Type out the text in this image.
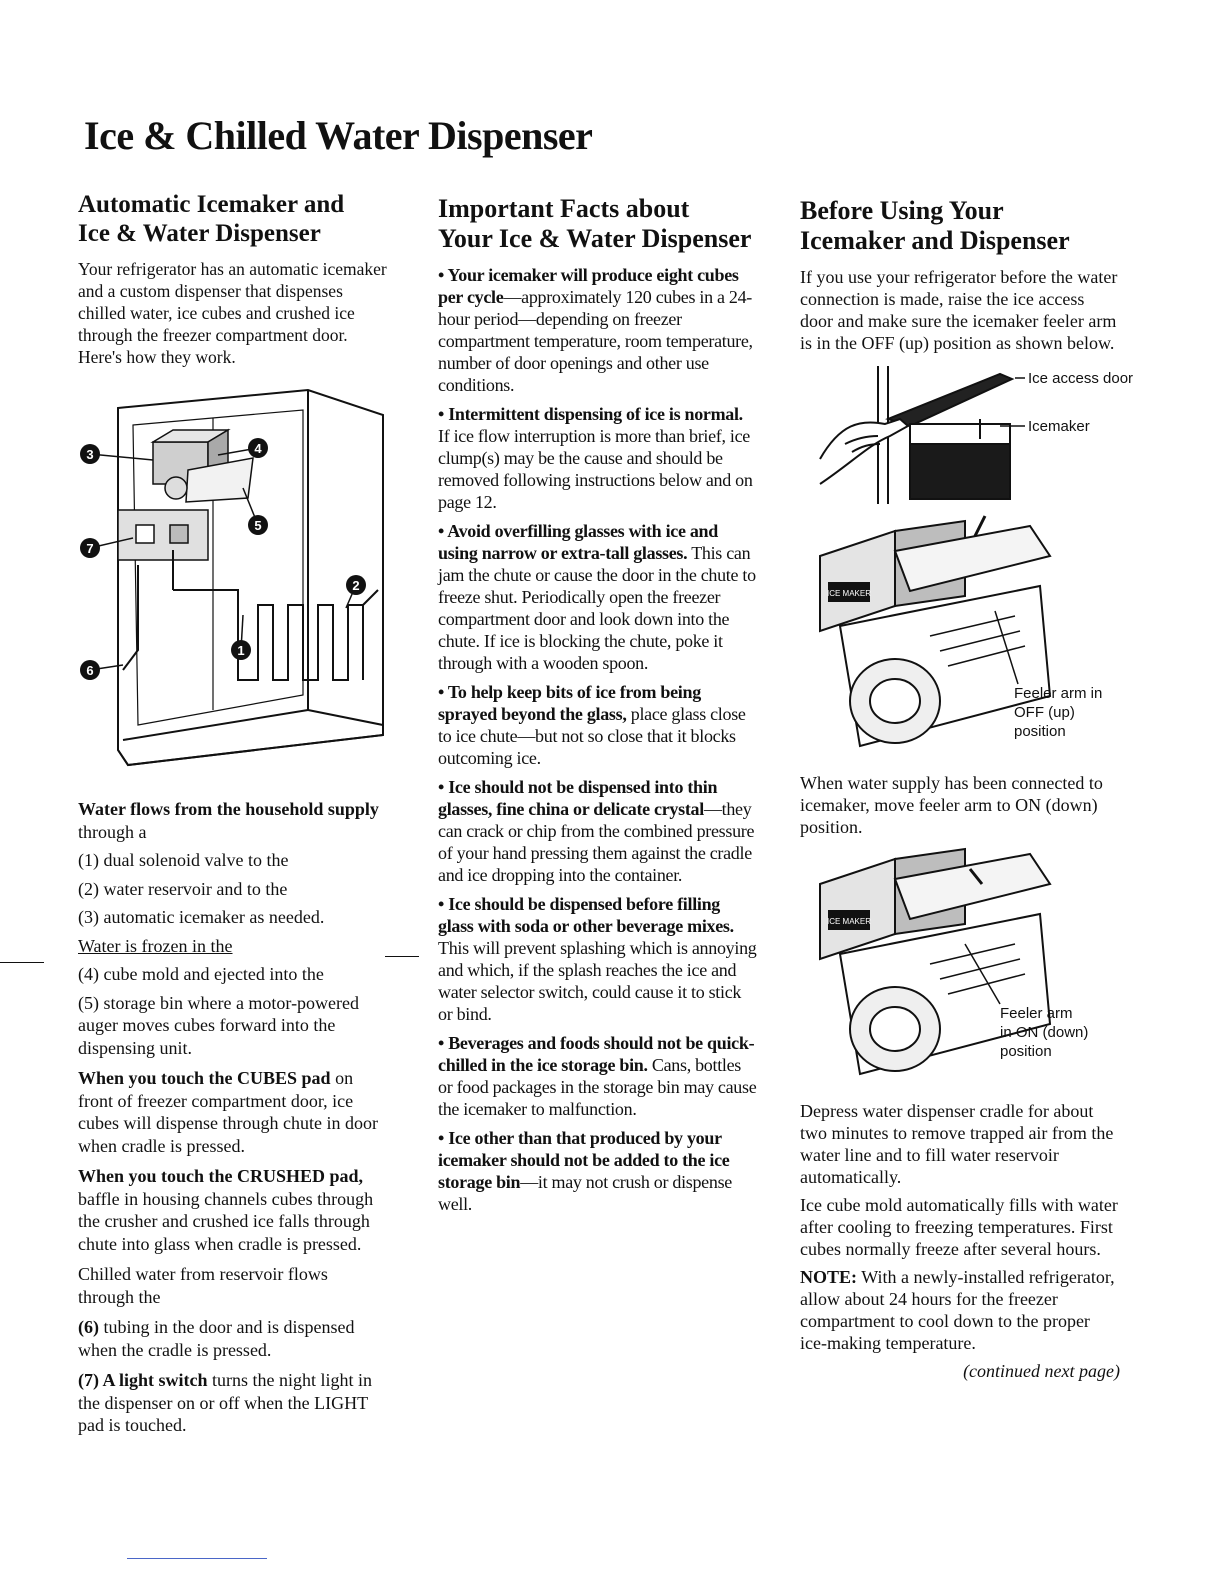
Ice & Chilled Water Dispenser
Automatic Icemaker and
Ice & Water Dispenser

Your refrigerator has an automatic icemaker and a custom dispenser that dispenses chilled water, ice cubes and crushed ice through the freezer compartment door. Here's how they work.

3	4
5
7
2
1
6

Water flows from the household supply through a

(1) dual solenoid valve to the

(2) water reservoir and to the

(3) automatic icemaker as needed.

Water is frozen in the

(4) cube mold and ejected into the

(5) storage bin where a motor-powered auger moves cubes forward into the dispensing unit.

When you touch the CUBES pad on front of freezer compartment door, ice cubes will dispense through chute in door when cradle is pressed.

When you touch the CRUSHED pad, baffle in housing channels cubes through the crusher and crushed ice falls through chute into glass when cradle is pressed.

Chilled water from reservoir flows through the

(6) tubing in the door and is dispensed when the cradle is pressed.

(7) A light switch turns the night light in the dispenser on or off when the LIGHT pad is touched.

Important Facts about
Your Ice & Water Dispenser

• Your icemaker will produce eight cubes per cycle—approximately 120 cubes in a 24-hour period—depending on freezer compartment temperature, room temperature, number of door openings and other use conditions.

• Intermittent dispensing of ice is normal. If ice flow interruption is more than brief, ice clump(s) may be the cause and should be removed following instructions below and on page 12.

• Avoid overfilling glasses with ice and using narrow or extra-tall glasses. This can jam the chute or cause the door in the chute to freeze shut. Periodically open the freezer compartment door and look down into the chute. If ice is blocking the chute, poke it through with a wooden spoon.

• To help keep bits of ice from being sprayed beyond the glass, place glass close to ice chute—but not so close that it blocks outcoming ice.

• Ice should not be dispensed into thin glasses, fine china or delicate crystal—they can crack or chip from the combined pressure of your hand pressing them against the cradle and ice dropping into the container.

• Ice should be dispensed before filling glass with soda or other beverage mixes. This will prevent splashing which is annoying and which, if the splash reaches the ice and water selector switch, could cause it to stick or bind.

• Beverages and foods should not be quick-chilled in the ice storage bin. Cans, bottles or food packages in the storage bin may cause the icemaker to malfunction.

• Ice other than that produced by your icemaker should not be added to the ice storage bin—it may not crush or dispense well.

Before Using Your
Icemaker and Dispenser

If you use your refrigerator before the water connection is made, raise the ice access door and make sure the icemaker feeler arm is in the OFF (up) position as shown below.

Ice access door
Icemaker
ICE MAKER
Feeler arm in
OFF (up)
position

When water supply has been connected to icemaker, move feeler arm to ON (down) position.

ICE MAKER
Feeler arm
in ON (down)
position

Depress water dispenser cradle for about two minutes to remove trapped air from the water line and to fill water reservoir automatically.

Ice cube mold automatically fills with water after cooling to freezing temperatures. First cubes normally freeze after several hours.

NOTE: With a newly-installed refrigerator, allow about 24 hours for the freezer compartment to cool down to the proper ice-making temperature.

(continued next page)
